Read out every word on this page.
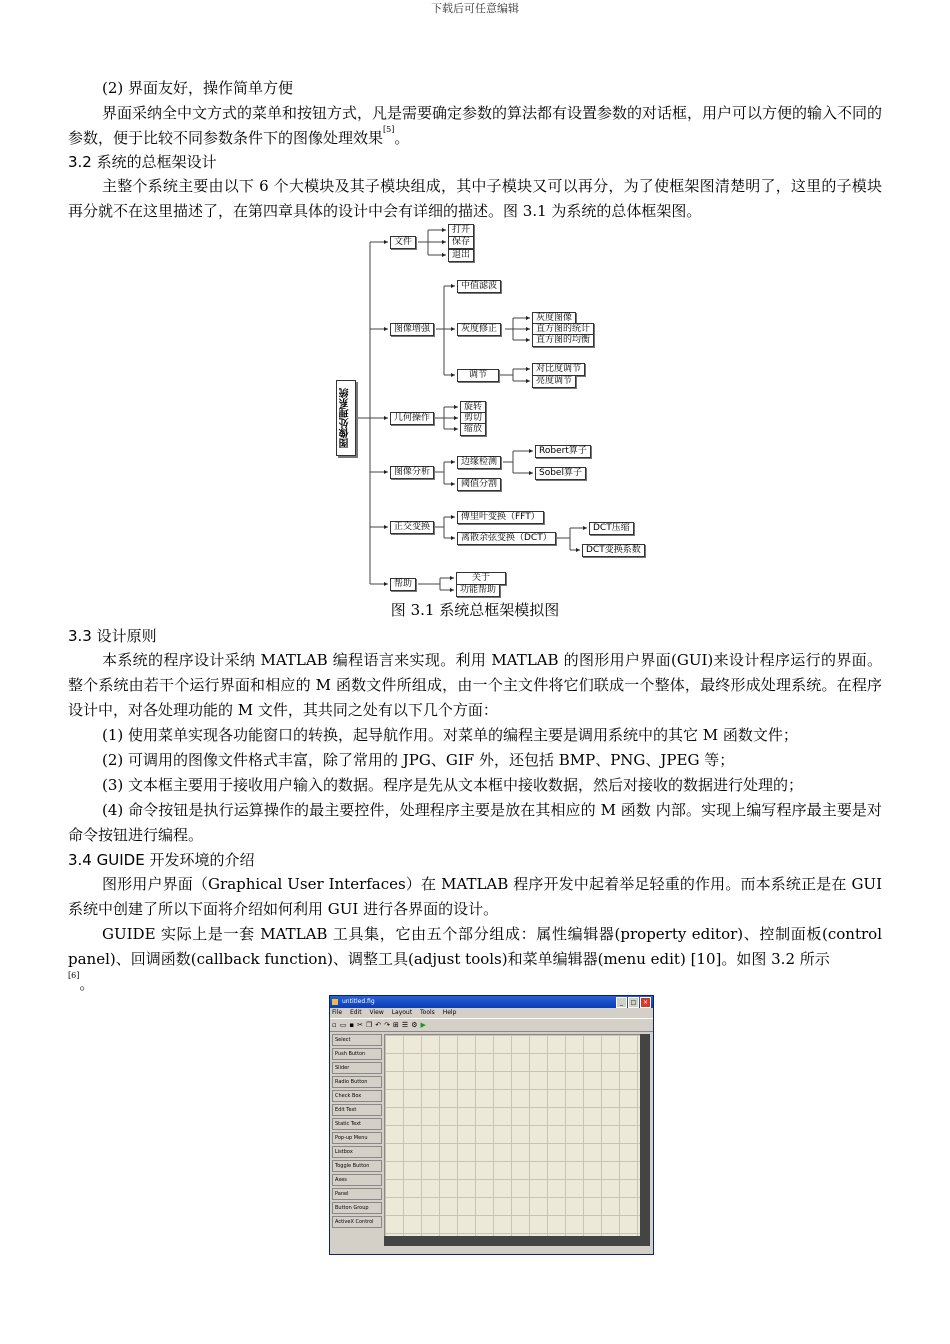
下载后可任意编辑
(2) 界面友好，操作简单方便
界面采纳全中文方式的菜单和按钮方式，凡是需要确定参数的算法都有设置参数的对话框，用户可以方便的输入不同的参数，便于比较不同参数条件下的图像处理效果[5]。
3.2 系统的总框架设计
主整个系统主要由以下 6 个大模块及其子模块组成，其中子模块又可以再分，为了使框架图清楚明了，这里的子模块再分就不在这里描述了，在第四章具体的设计中会有详细的描述。图 3.1 为系统的总体框架图。
图像处理系统
文件
打开
保存
退出
图像增强
中值滤波
灰度修正
灰度图像
直方图的统计
直方图的均衡
调节
对比度调节
亮度调节
几何操作
旋转
剪切
缩放
图像分析
边缘检测
Robert算子
Sobel算子
阈值分割
正交变换
傅里叶变换（FFT）
离散余弦变换（DCT）
DCT压缩
DCT变换系数
帮助
关于
功能帮助
图 3.1 系统总框架模拟图
3.3 设计原则
本系统的程序设计采纳 MATLAB 编程语言来实现。利用 MATLAB 的图形用户界面(GUI)来设计程序运行的界面。整个系统由若干个运行界面和相应的 M 函数文件所组成，由一个主文件将它们联成一个整体，最终形成处理系统。在程序设计中，对各处理功能的 M 文件，其共同之处有以下几个方面：
(1) 使用菜单实现各功能窗口的转换，起导航作用。对菜单的编程主要是调用系统中的其它 M 函数文件；
(2) 可调用的图像文件格式丰富，除了常用的 JPG、GIF 外，还包括 BMP、PNG、JPEG 等；
(3) 文本框主要用于接收用户输入的数据。程序是先从文本框中接收数据，然后对接收的数据进行处理的；
(4) 命令按钮是执行运算操作的最主要控件，处理程序主要是放在其相应的 M 函数 内部。实现上编写程序最主要是对命令按钮进行编程。
3.4 GUIDE 开发环境的介绍
图形用户界面（Graphical User Interfaces）在 MATLAB 程序开发中起着举足轻重的作用。而本系统正是在 GUI 系统中创建了所以下面将介绍如何利用 GUI 进行各界面的设计。
GUIDE 实际上是一套 MATLAB 工具集，它由五个部分组成：属性编辑器(property editor)、控制面板(control panel)、回调函数(callback function)、调整工具(adjust tools)和菜单编辑器(menu edit) [10]。如图 3.2 所示
[6]。
untitled.fig	_ □ ×
File Edit View Layout Tools Help
▫ ▭ ▪ ✂ ❐ ↶ ↷ ⊞ ☰ ⚙ ▶
Select
Push Button
Slider
Radio Button
Check Box
Edit Text
Static Text
Pop-up Menu
Listbox
Toggle Button
Axes
Panel
Button Group
ActiveX Control
